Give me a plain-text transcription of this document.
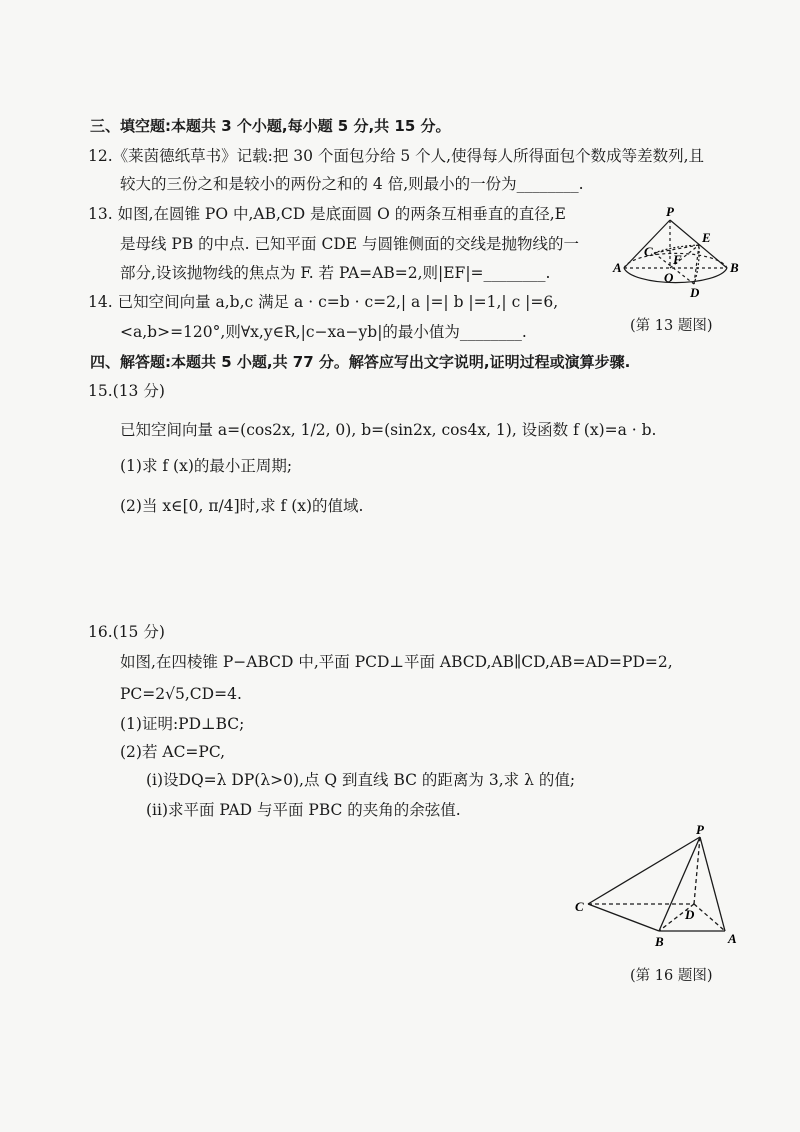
三、填空题:本题共 3 个小题,每小题 5 分,共 15 分。
12.《莱茵德纸草书》记载:把 30 个面包分给 5 个人,使得每人所得面包个数成等差数列,且
较大的三份之和是较小的两份之和的 4 倍,则最小的一份为________.
13. 如图,在圆锥 PO 中,AB,CD 是底面圆 O 的两条互相垂直的直径,E
是母线 PB 的中点. 已知平面 CDE 与圆锥侧面的交线是抛物线的一
部分,设该抛物线的焦点为 F. 若 PA=AB=2,则|EF|=________.
14. 已知空间向量 a,b,c 满足 a · c=b · c=2,| a |=| b |=1,| c |=6,
<a,b>=120°,则∀x,y∈R,|c−xa−yb|的最小值为________.
P
E
C
F
O
A	B
D
(第 13 题图)
四、解答题:本题共 5 小题,共 77 分。解答应写出文字说明,证明过程或演算步骤.
15.(13 分)
已知空间向量 a=(cos2x, 1/2, 0), b=(sin2x, cos4x, 1), 设函数 f (x)=a · b.
(1)求 f (x)的最小正周期;
(2)当 x∈[0, π/4]时,求 f (x)的值域.
16.(15 分)
如图,在四棱锥 P−ABCD 中,平面 PCD⊥平面 ABCD,AB∥CD,AB=AD=PD=2,
PC=2√5,CD=4.
(1)证明:PD⊥BC;
(2)若 AC=PC,
(i)设DQ=λ DP(λ>0),点 Q 到直线 BC 的距离为 3,求 λ 的值;
(ii)求平面 PAD 与平面 PBC 的夹角的余弦值.
P
C
D
B	A
(第 16 题图)
